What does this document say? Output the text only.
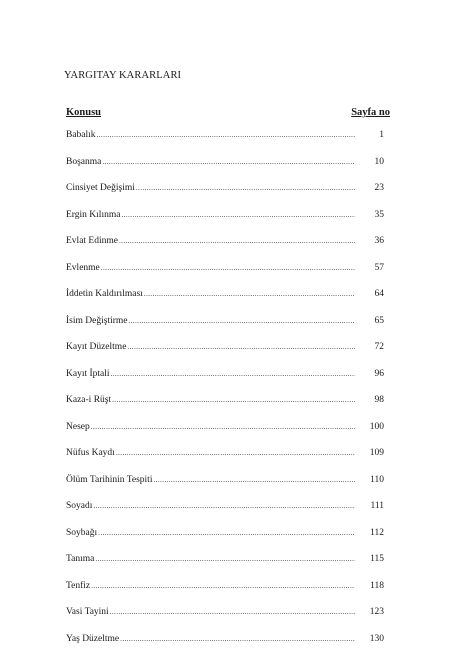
YARGITAY KARARLARI
Konusu	Sayfa no
Babalık .....	1
Boşanma .....	10
Cinsiyet Değişimi .....	23
Ergin Kılınma .....	35
Evlat Edinme .....	36
Evlenme .....	57
İddetin Kaldırılması .....	64
İsim Değiştirme .....	65
Kayıt Düzeltme .....	72
Kayıt İptali .....	96
Kaza-i Rüşt .....	98
Nesep .....	100
Nüfus Kaydı .....	109
Ölüm Tarihinin Tespiti .....	110
Soyadı .....	111
Soybağı .....	112
Tanıma .....	115
Tenfiz .....	118
Vasi Tayini .....	123
Yaş Düzeltme .....	130
